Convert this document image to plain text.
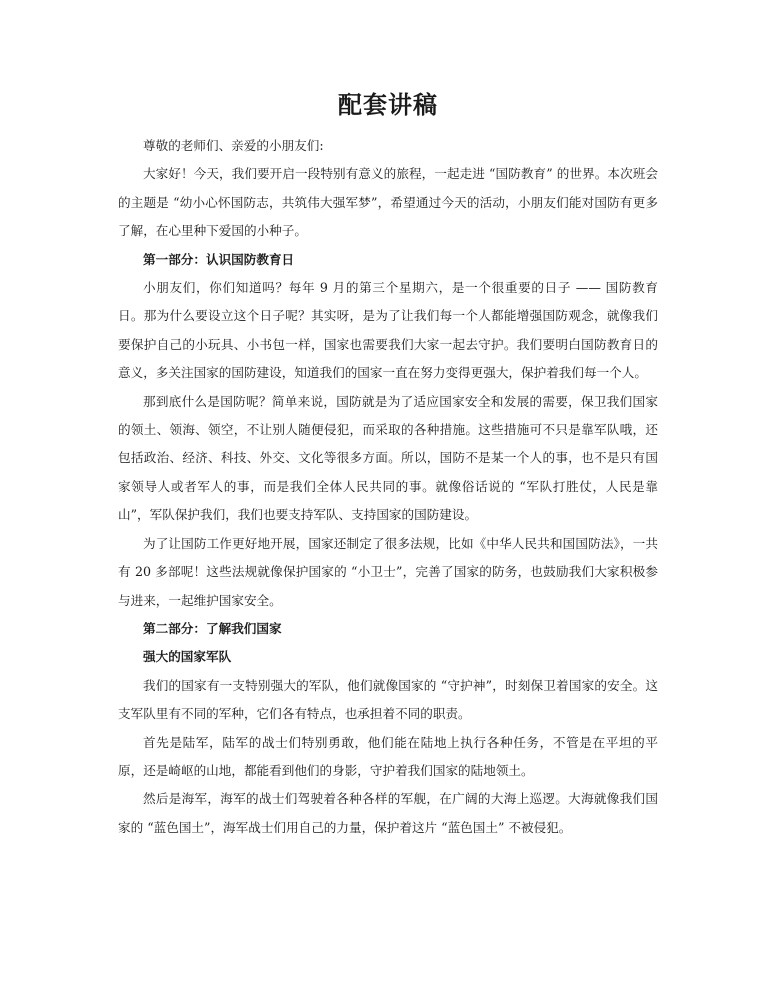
配套讲稿

尊敬的老师们、亲爱的小朋友们:

大家好！今天，我们要开启一段特别有意义的旅程，一起走进 “国防教育” 的世界。本次班会的主题是 “幼小心怀国防志，共筑伟大强军梦”，希望通过今天的活动，小朋友们能对国防有更多了解，在心里种下爱国的小种子。

第一部分：认识国防教育日

小朋友们，你们知道吗？每年 9 月的第三个星期六，是一个很重要的日子 —— 国防教育日。那为什么要设立这个日子呢？其实呀，是为了让我们每一个人都能增强国防观念，就像我们要保护自己的小玩具、小书包一样，国家也需要我们大家一起去守护。我们要明白国防教育日的意义，多关注国家的国防建设，知道我们的国家一直在努力变得更强大，保护着我们每一个人。

那到底什么是国防呢？简单来说，国防就是为了适应国家安全和发展的需要，保卫我们国家的领土、领海、领空，不让别人随便侵犯，而采取的各种措施。这些措施可不只是靠军队哦，还包括政治、经济、科技、外交、文化等很多方面。所以，国防不是某一个人的事，也不是只有国家领导人或者军人的事，而是我们全体人民共同的事。就像俗话说的 “军队打胜仗，人民是靠山”，军队保护我们，我们也要支持军队、支持国家的国防建设。

为了让国防工作更好地开展，国家还制定了很多法规，比如《中华人民共和国国防法》，一共有 20 多部呢！这些法规就像保护国家的 “小卫士”，完善了国家的防务，也鼓励我们大家积极参与进来，一起维护国家安全。

第二部分：了解我们国家

强大的国家军队

我们的国家有一支特别强大的军队，他们就像国家的 “守护神”，时刻保卫着国家的安全。这支军队里有不同的军种，它们各有特点，也承担着不同的职责。

首先是陆军，陆军的战士们特别勇敢，他们能在陆地上执行各种任务，不管是在平坦的平原，还是崎岖的山地，都能看到他们的身影，守护着我们国家的陆地领土。

然后是海军，海军的战士们驾驶着各种各样的军舰，在广阔的大海上巡逻。大海就像我们国家的 “蓝色国土”，海军战士们用自己的力量，保护着这片 “蓝色国土” 不被侵犯。
